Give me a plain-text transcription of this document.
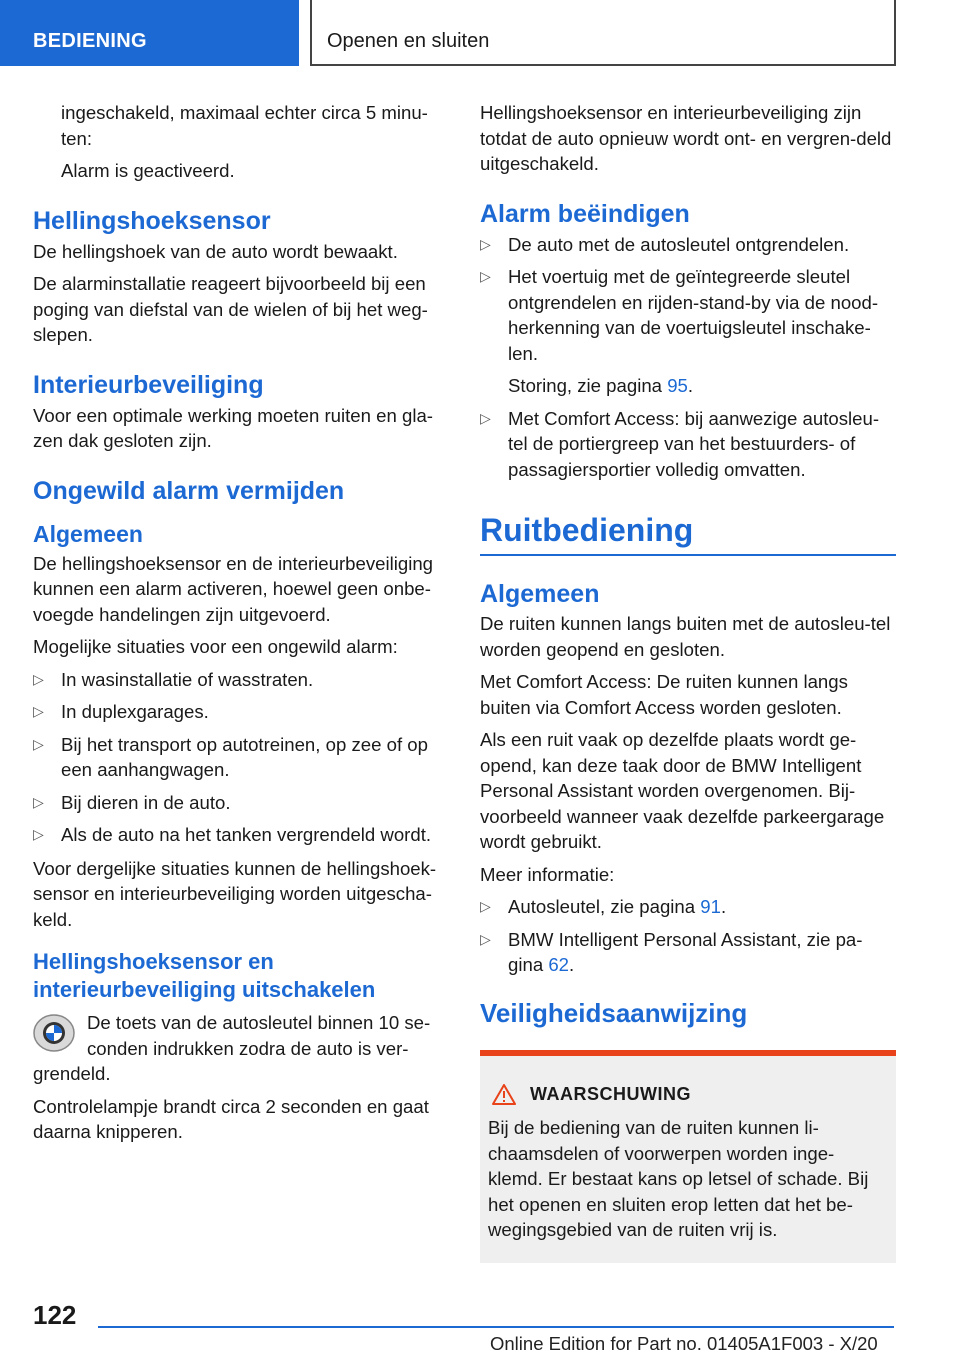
BEDIENING	Openen en sluiten

ingeschakeld, maximaal echter circa 5 minu-ten:

Alarm is geactiveerd.

Hellingshoeksensor

De hellingshoek van de auto wordt bewaakt.

De alarminstallatie reageert bijvoorbeeld bij een poging van diefstal van de wielen of bij het weg-slepen.

Interieurbeveiliging

Voor een optimale werking moeten ruiten en gla-zen dak gesloten zijn.

Ongewild alarm vermijden
Algemeen

De hellingshoeksensor en de interieurbeveiliging kunnen een alarm activeren, hoewel geen onbe-voegde handelingen zijn uitgevoerd.

Mogelijke situaties voor een ongewild alarm:

▷ In wasinstallatie of wasstraten.
▷ In duplexgarages.
▷ Bij het transport op autotreinen, op zee of op een aanhangwagen.
▷ Bij dieren in de auto.
▷ Als de auto na het tanken vergrendeld wordt.

Voor dergelijke situaties kunnen de hellingshoek-sensor en interieurbeveiliging worden uitgescha-keld.

Hellingshoeksensor en interieurbeveiliging uitschakelen

De toets van de autosleutel binnen 10 se-conden indrukken zodra de auto is ver-grendeld.

Controlelampje brandt circa 2 seconden en gaat daarna knipperen.

Hellingshoeksensor en interieurbeveiliging zijn totdat de auto opnieuw wordt ont- en vergren-deld uitgeschakeld.

Alarm beëindigen
▷ De auto met de autosleutel ontgrendelen.
▷ Het voertuig met de geïntegreerde sleutel ontgrendelen en rijden-stand-by via de nood-herkenning van de voertuigsleutel inschake-len.
Storing, zie pagina 95.
▷ Met Comfort Access: bij aanwezige autosleu-tel de portiergreep van het bestuurders- of passagiersportier volledig omvatten.
Ruitbediening
Algemeen

De ruiten kunnen langs buiten met de autosleu-tel worden geopend en gesloten.

Met Comfort Access: De ruiten kunnen langs buiten via Comfort Access worden gesloten.

Als een ruit vaak op dezelfde plaats wordt ge-opend, kan deze taak door de BMW Intelligent Personal Assistant worden overgenomen. Bij-voorbeeld wanneer vaak dezelfde parkeergarage wordt gebruikt.

Meer informatie:

▷ Autosleutel, zie pagina 91.
▷ BMW Intelligent Personal Assistant, zie pa-gina 62.
Veiligheidsaanwijzing
WAARSCHUWING

Bij de bediening van de ruiten kunnen li-chaamsdelen of voorwerpen worden inge-klemd. Er bestaat kans op letsel of schade. Bij het openen en sluiten erop letten dat het be-wegingsgebied van de ruiten vrij is.

122
Online Edition for Part no. 01405A1F003 - X/20
